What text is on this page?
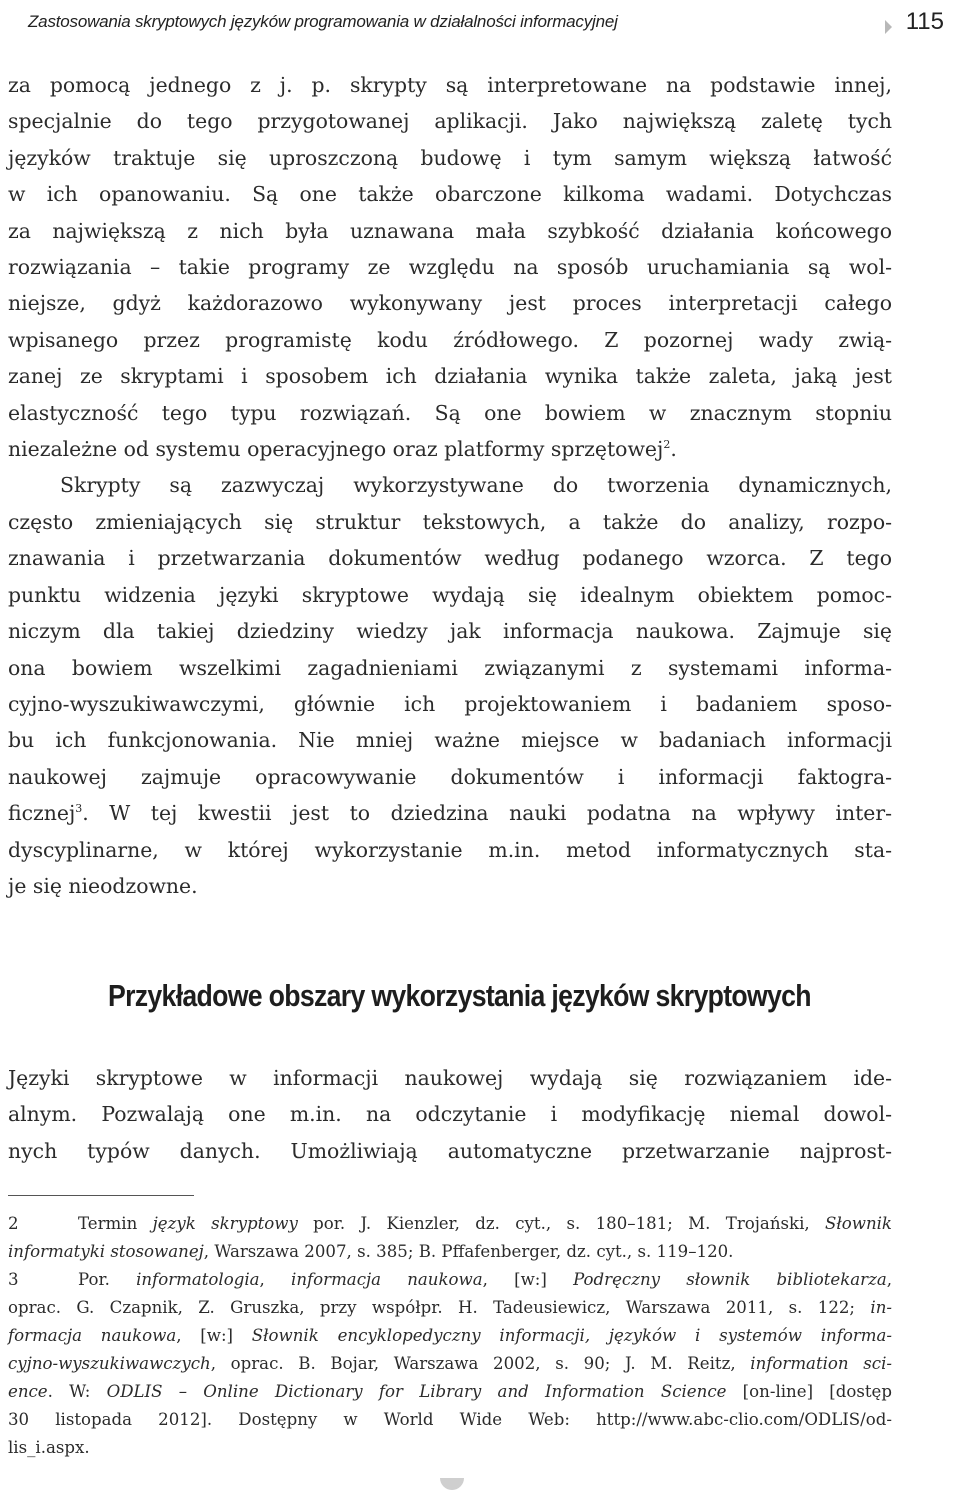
Zastosowania skryptowych języków programowania w działalności informacyjnej	115

za pomocą jednego z j. p. skrypty są interpretowane na podstawie innej,
specjalnie do tego przygotowanej aplikacji. Jako największą zaletę tych
języków traktuje się uproszczoną budowę i tym samym większą łatwość
w ich opanowaniu. Są one także obarczone kilkoma wadami. Dotychczas
za największą z nich była uznawana mała szybkość działania końcowego
rozwiązania – takie programy ze względu na sposób uruchamiania są wol-
niejsze, gdyż każdorazowo wykonywany jest proces interpretacji całego
wpisanego przez programistę kodu źródłowego. Z pozornej wady zwią-
zanej ze skryptami i sposobem ich działania wynika także zaleta, jaką jest
elastyczność tego typu rozwiązań. Są one bowiem w znacznym stopniu
niezależne od systemu operacyjnego oraz platformy sprzętowej$^2$.

Skrypty są zazwyczaj wykorzystywane do tworzenia dynamicznych,
często zmieniających się struktur tekstowych, a także do analizy, rozpo-
znawania i przetwarzania dokumentów według podanego wzorca. Z tego
punktu widzenia języki skryptowe wydają się idealnym obiektem pomoc-
niczym dla takiej dziedziny wiedzy jak informacja naukowa. Zajmuje się
ona bowiem wszelkimi zagadnieniami związanymi z systemami informa-
cyjno-wyszukiwawczymi, głównie ich projektowaniem i badaniem sposo-
bu ich funkcjonowania. Nie mniej ważne miejsce w badaniach informacji
naukowej zajmuje opracowywanie dokumentów i informacji faktogra-
ficznej$^3$. W tej kwestii jest to dziedzina nauki podatna na wpływy inter-
dyscyplinarne, w której wykorzystanie m.in. metod informatycznych sta-
je się nieodzowne.

Przykładowe obszary wykorzystania języków skryptowych
Języki skryptowe w informacji naukowej wydają się rozwiązaniem ide-
alnym. Pozwalają one m.in. na odczytanie i modyfikację niemal dowol-
nych typów danych. Umożliwiają automatyczne przetwarzanie najprost-
2	Termin język skryptowy por. J. Kienzler, dz. cyt., s. 180–181; M. Trojański, Słownik
informatyki stosowanej, Warszawa 2007, s. 385; B. Pffafenberger, dz. cyt., s. 119–120.
3	Por. informatologia, informacja naukowa, [w:] Podręczny słownik bibliotekarza,
oprac. G. Czapnik, Z. Gruszka, przy współpr. H. Tadeusiewicz, Warszawa 2011, s. 122; in-
formacja naukowa, [w:] Słownik encyklopedyczny informacji, języków i systemów informa-
cyjno-wyszukiwawczych, oprac. B. Bojar, Warszawa 2002, s. 90; J. M. Reitz, information sci-
ence. W: ODLIS – Online Dictionary for Library and Information Science [on-line] [dostęp
30 listopada 2012]. Dostępny w World Wide Web: http://www.abc-clio.com/ODLIS/od-
lis_i.aspx.
